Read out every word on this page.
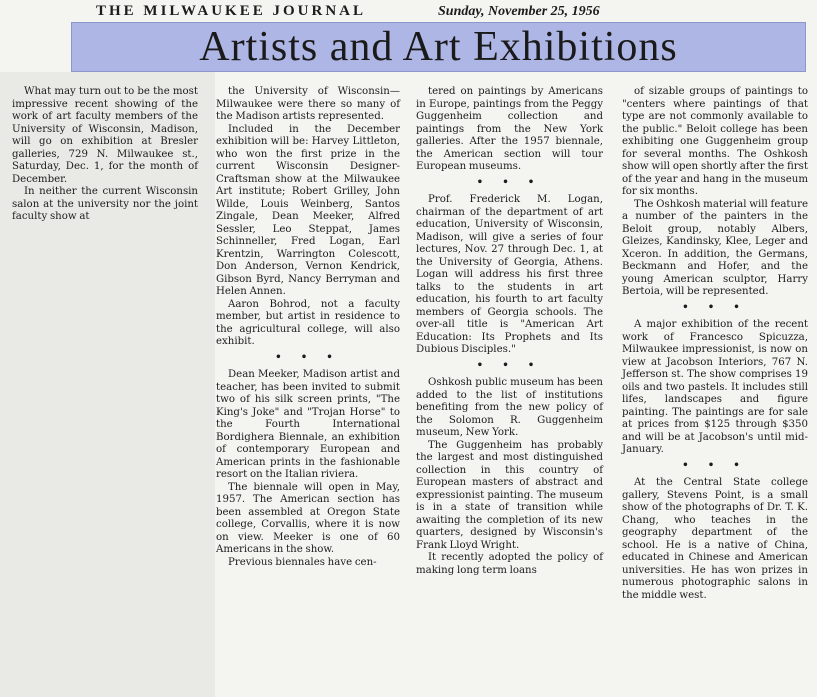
THE MILWAUKEE JOURNAL	Sunday, November 25, 1956
Artists and Art Exhibitions

What may turn out to be the most impressive recent showing of the work of art faculty members of the University of Wisconsin, Madison, will go on exhibition at Bresler galleries, 729 N. Milwaukee st., Saturday, Dec. 1, for the month of December.

In neither the current Wisconsin salon at the university nor the joint faculty show at

the University of Wisconsin—Milwaukee were there so many of the Madison artists represented.

Included in the December exhibition will be: Harvey Littleton, who won the first prize in the current Wisconsin Designer-Craftsman show at the Milwaukee Art institute; Robert Grilley, John Wilde, Louis Weinberg, Santos Zingale, Dean Meeker, Alfred Sessler, Leo Steppat, James Schinneller, Fred Logan, Earl Krentzin, Warrington Colescott, Don Anderson, Vernon Kendrick, Gibson Byrd, Nancy Berryman and Helen Annen.

Aaron Bohrod, not a faculty member, but artist in residence to the agricultural college, will also exhibit.

• • •

Dean Meeker, Madison artist and teacher, has been invited to submit two of his silk screen prints, "The King's Joke" and "Trojan Horse" to the Fourth International Bordighera Biennale, an exhibition of contemporary European and American prints in the fashionable resort on the Italian riviera.

The biennale will open in May, 1957. The American section has been assembled at Oregon State college, Corvallis, where it is now on view. Meeker is one of 60 Americans in the show.

Previous biennales have cen-

tered on paintings by Americans in Europe, paintings from the Peggy Guggenheim collection and paintings from the New York galleries. After the 1957 biennale, the American section will tour European museums.

• • •

Prof. Frederick M. Logan, chairman of the department of art education, University of Wisconsin, Madison, will give a series of four lectures, Nov. 27 through Dec. 1, at the University of Georgia, Athens. Logan will address his first three talks to the students in art education, his fourth to art faculty members of Georgia schools. The over-all title is "American Art Education: Its Prophets and Its Dubious Disciples."

• • •

Oshkosh public museum has been added to the list of institutions benefiting from the new policy of the Solomon R. Guggenheim museum, New York.

The Guggenheim has probably the largest and most distinguished collection in this country of European masters of abstract and expressionist painting. The museum is in a state of transition while awaiting the completion of its new quarters, designed by Wisconsin's Frank Lloyd Wright.

It recently adopted the policy of making long term loans

of sizable groups of paintings to "centers where paintings of that type are not commonly available to the public." Beloit college has been exhibiting one Guggenheim group for several months. The Oshkosh show will open shortly after the first of the year and hang in the museum for six months.

The Oshkosh material will feature a number of the painters in the Beloit group, notably Albers, Gleizes, Kandinsky, Klee, Leger and Xceron. In addition, the Germans, Beckmann and Hofer, and the young American sculptor, Harry Bertoia, will be represented.

• • •

A major exhibition of the recent work of Francesco Spicuzza, Milwaukee impressionist, is now on view at Jacobson Interiors, 767 N. Jefferson st. The show comprises 19 oils and two pastels. It includes still lifes, landscapes and figure painting. The paintings are for sale at prices from $125 through $350 and will be at Jacobson's until mid-January.

• • •

At the Central State college gallery, Stevens Point, is a small show of the photographs of Dr. T. K. Chang, who teaches in the geography department of the school. He is a native of China, educated in Chinese and American universities. He has won prizes in numerous photographic salons in the middle west.
